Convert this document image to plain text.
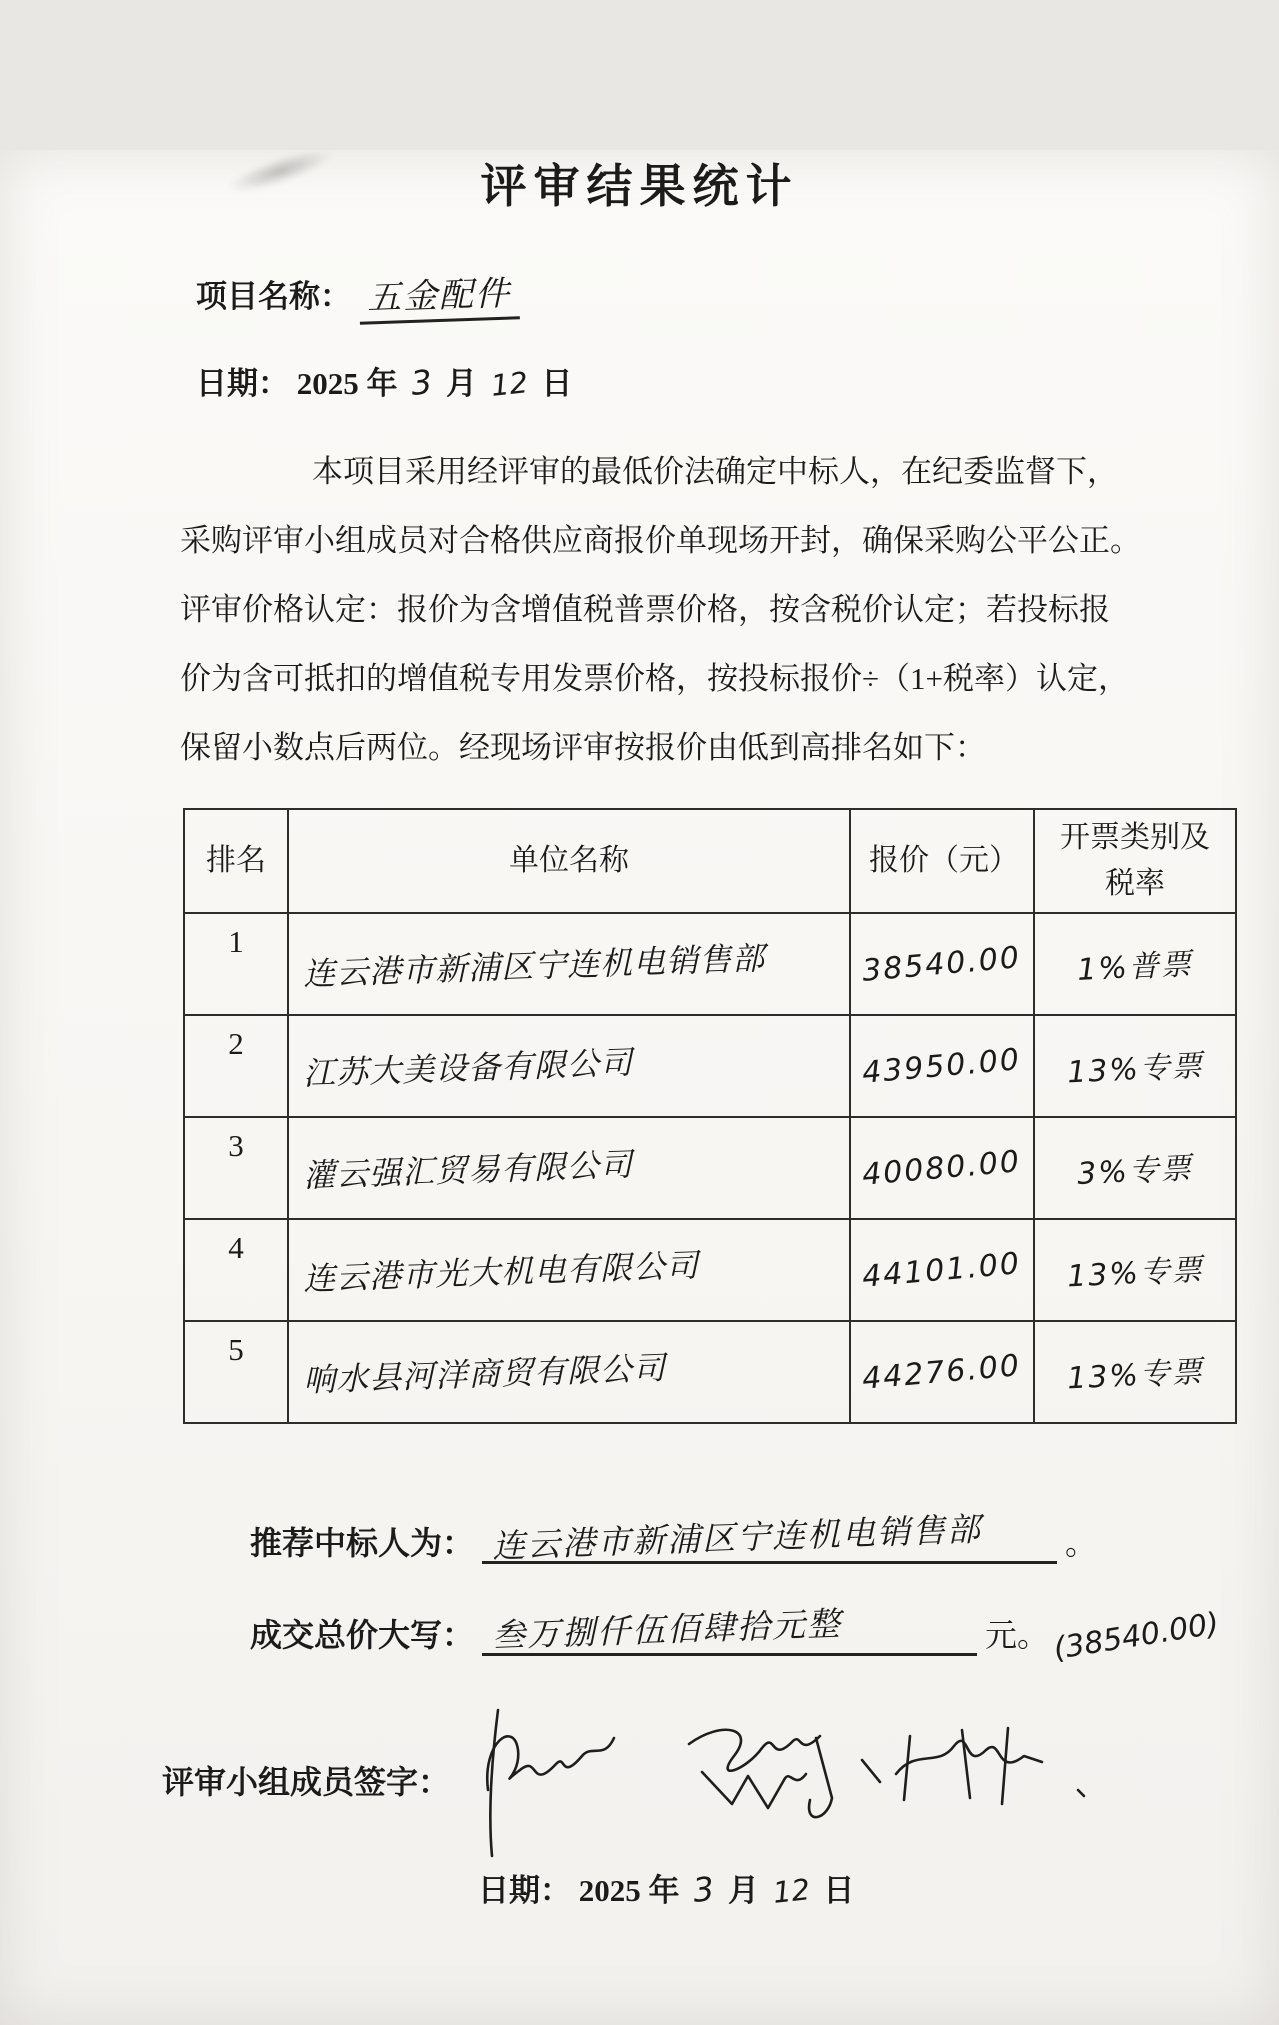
评审结果统计
项目名称： 五金配件
日期： 2025 年 3 月 12 日
本项目采用经评审的最低价法确定中标人，在纪委监督下，
采购评审小组成员对合格供应商报价单现场开封，确保采购公平公正。
评审价格认定：报价为含增值税普票价格，按含税价认定；若投标报
价为含可抵扣的增值税专用发票价格，按投标报价÷（1+税率）认定，
保留小数点后两位。经现场评审按报价由低到高排名如下：
排名	单位名称	报价（元）	开票类别及税率
1	连云港市新浦区宁连机电销售部	38540.00	1%普票
2	江苏大美设备有限公司	43950.00	13%专票
3	灌云强汇贸易有限公司	40080.00	3%专票
4	连云港市光大机电有限公司	44101.00	13%专票
5	响水县河洋商贸有限公司	44276.00	13%专票
推荐中标人为： 连云港市新浦区宁连机电销售部	。
成交总价大写： 叁万捌仟伍佰肆拾元整	元。(38540.00)
评审小组成员签字：
日期： 2025 年 3 月 12 日
